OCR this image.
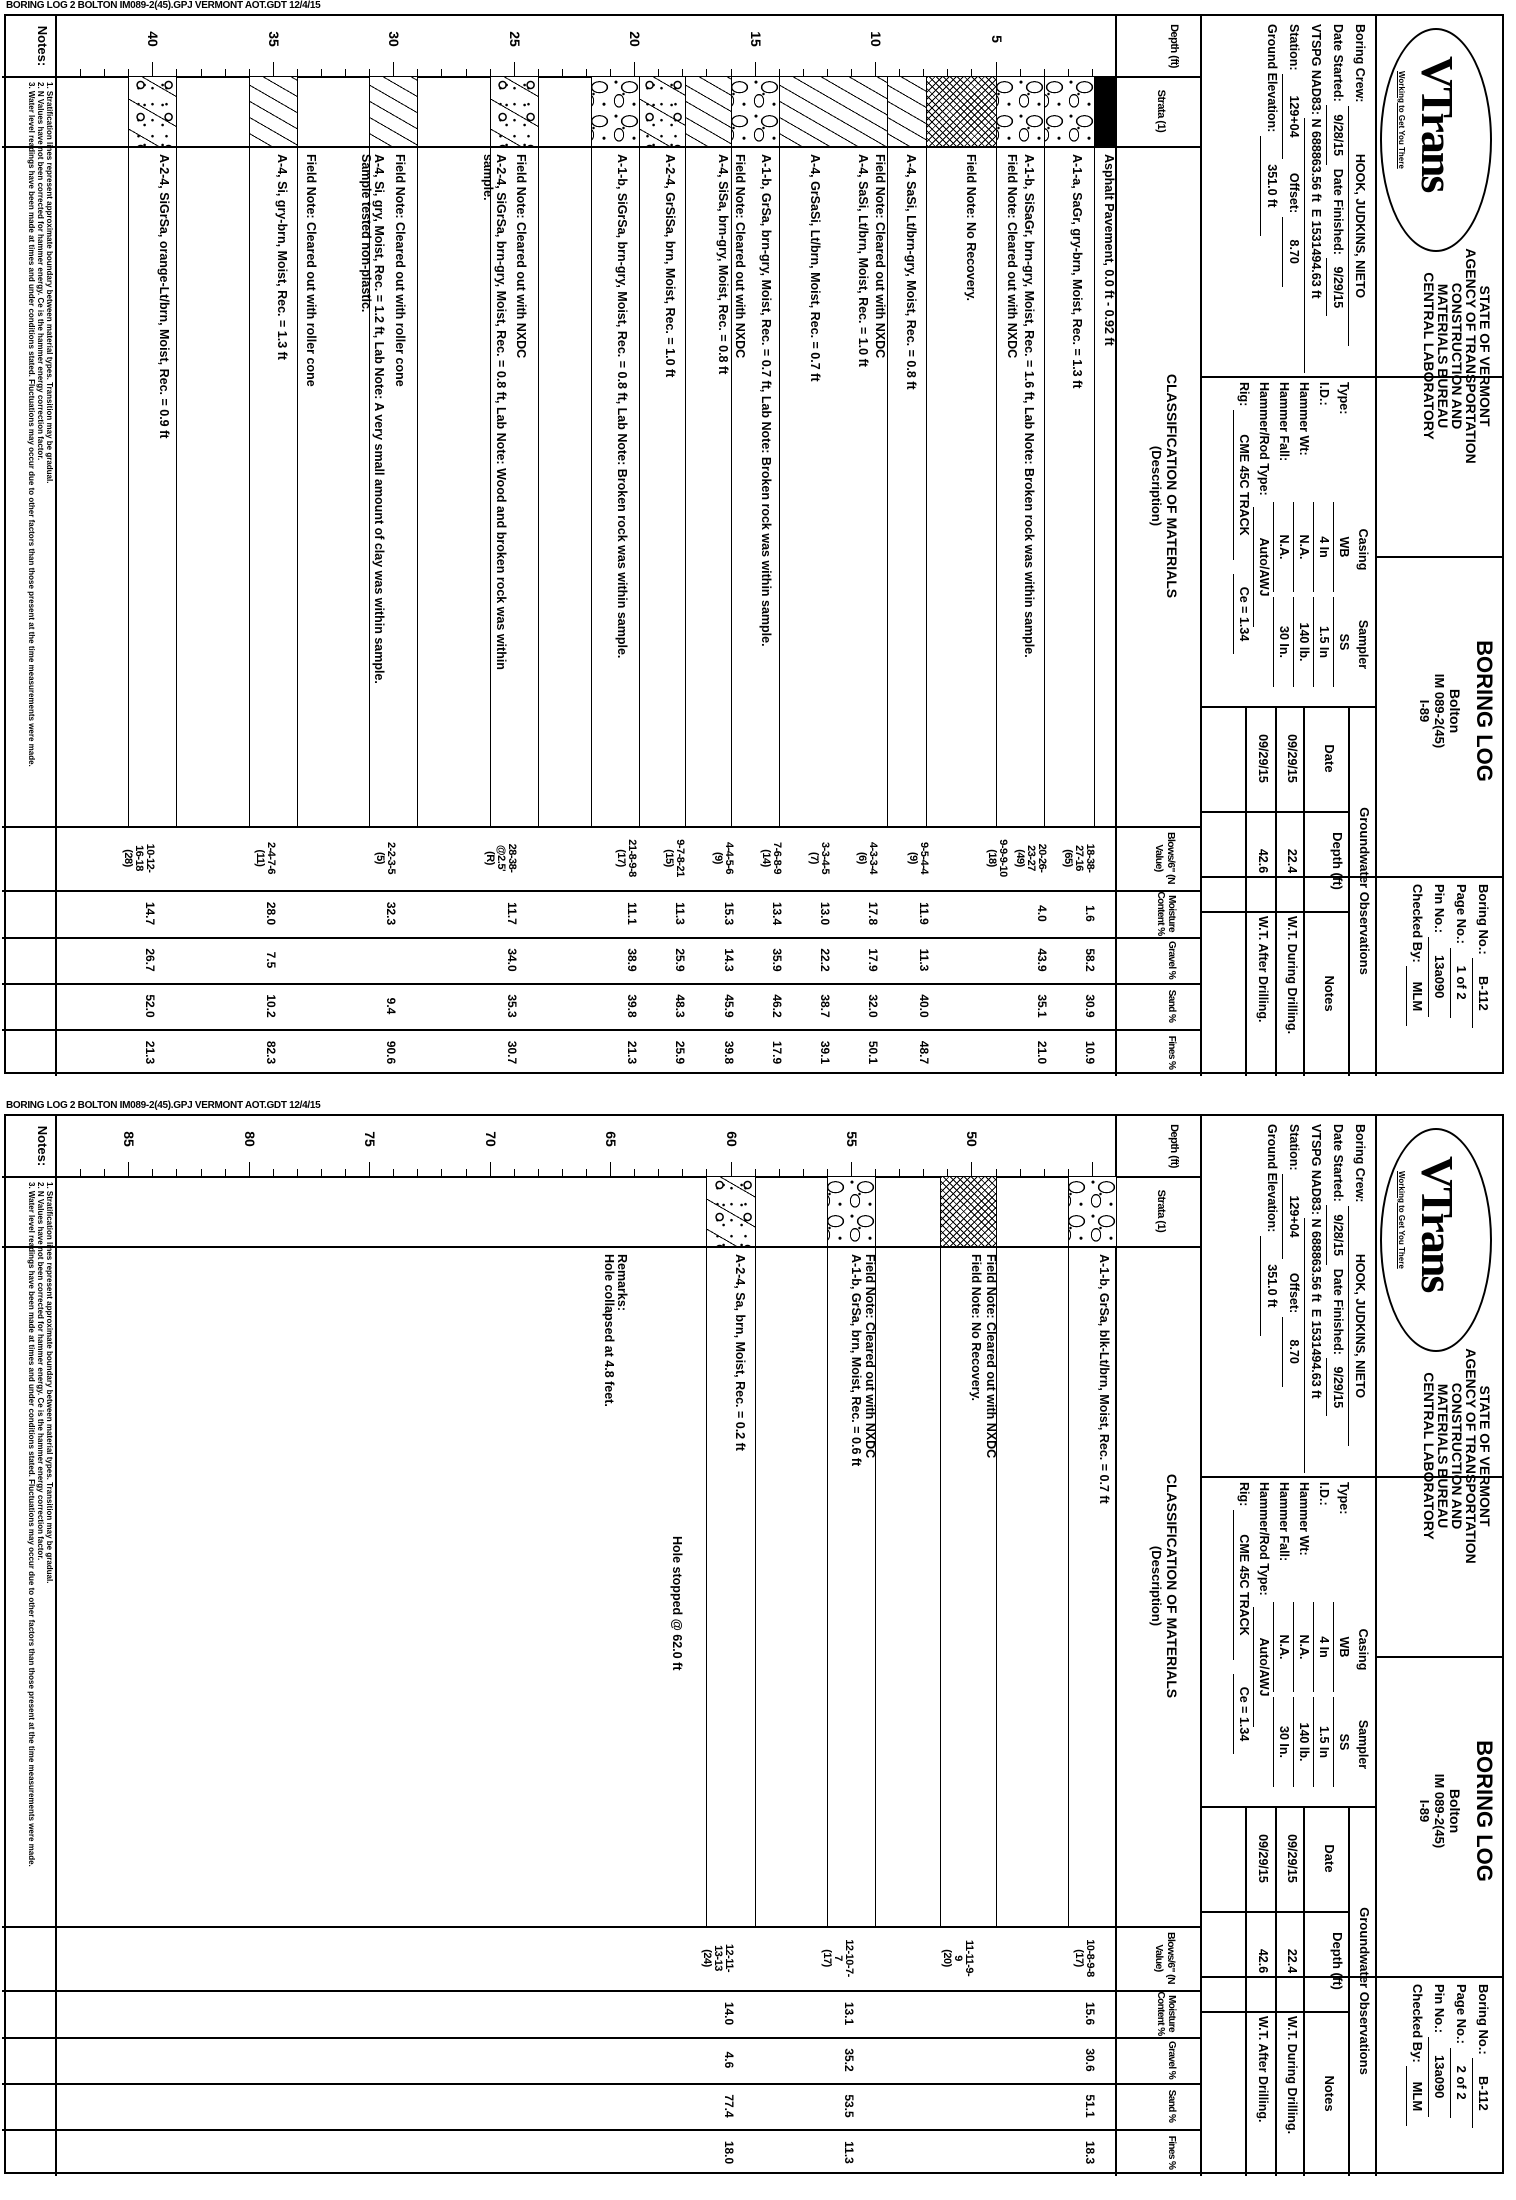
BORING LOG 2 BOLTON IM089-2(45).GPJ VERMONT AOT.GDT 12/4/15
VTrans
Working to Get You There
STATE OF VERMONT
AGENCY OF TRANSPORTATION
CONSTRUCTION AND
MATERIALS BUREAU
CENTRAL LABORATORY
BORING LOG
Bolton
IM 089-2(45)
I-89
Boring No.: B-112
Page No.: 1 of 2
Pin No.: 13a090
Checked By: MLM
Boring Crew: HOOK, JUDKINS, NIETO
Date Started: 9/28/15 Date Finished: 9/29/15
VTSPG NAD83: N 688863.56 ft  E 1531494.63 ft
Station: 129+04    Offset: 8.70
Ground Elevation: 351.0 ft
Casing
Sampler
Type:
WB
SS
I.D.:
4 In
1.5 In
Hammer Wt:
N.A.
140 lb.
Hammer Fall:
N.A.
30 In.
Hammer/Rod Type:
Auto/AWJ
Rig:
CME 45C TRACK
Ce = 1.34
Groundwater Observations
Date
Depth (ft)
Notes
09/29/15
22.4
W.T. During Drilling.
09/29/15
42.6
W.T. After Drilling.
Depth (ft)
Strata (1)
CLASSIFICATION OF MATERIALS
(Description)
Blows/6" (N Value)
Moisture Content %
Gravel %
Sand %
Fines %
Notes:
1. Stratification lines represent approximate boundary between material types. Transition may be gradual.
2. N Values have not been corrected for hammer energy. Ce is the hammer energy correction factor.
3. Water level readings have been made at times and under conditions stated. Fluctuations may occur due to other factors than those present at the time measurements were made.
5
10
15
20
25
30
35
40
Asphalt Pavement, 0.0 ft - 0.92 ft
A-1-a, SaGr, gry-brn, Moist, Rec. = 1.3 ft
A-1-b, SiSaGr, brn-gry, Moist, Rec. = 1.6 ft, Lab Note: Broken rock was within sample.
Field Note: Cleared out with NXDC
Field Note: No Recovery.
A-4, SaSi, Lt/brn-gry, Moist, Rec. = 0.8 ft
Field Note: Cleared out with NXDC
A-4, SaSi, Lt/brn, Moist, Rec. = 1.0 ft
A-4, GrSaSi, Lt/brn, Moist, Rec. = 0.7 ft
A-1-b, GrSa, brn-gry, Moist, Rec. = 0.7 ft, Lab Note: Broken rock was within sample.
Field Note: Cleared out with NXDC
A-4, SiSa, brn-gry, Moist, Rec. = 0.8 ft
A-2-4, GrSiSa, brn, Moist, Rec. = 1.0 ft
A-1-b, SiGrSa, brn-gry, Moist, Rec. = 0.8 ft, Lab Note: Broken rock was within sample.
Field Note: Cleared out with NXDC
A-2-4, SiGrSa, brn-gry, Moist, Rec. = 0.8 ft, Lab Note: Wood and broken rock was within
sample.
Field Note: Cleared out with roller cone
A-4, Si, gry, Moist, Rec. = 1.2 ft, Lab Note: A very small amount of clay was within sample.
Sample tested non-plastic.
Field Note: Cleared out with roller cone
A-4, Si, gry-brn, Moist, Rec. = 1.3 ft
A-2-4, SiGrSa, orange-Lt/brn, Moist, Rec. = 0.9 ft
18-38-
27-16
(65)
1.6
58.2
30.9
10.9
20-26-
23-27
(49)
4.0
43.9
35.1
21.0
9-9-9-10
(18)
9-5-4-4
(9)
11.9
11.3
40.0
48.7
4-3-3-4
(6)
17.8
17.9
32.0
50.1
3-3-4-5
(7)
13.0
22.2
38.7
39.1
7-6-8-9
(14)
13.4
35.9
46.2
17.9
4-4-5-6
(9)
15.3
14.3
45.9
39.8
9-7-8-21
(15)
11.3
25.9
48.3
25.9
21-8-9-8
(17)
11.1
38.9
39.8
21.3
28-38-
@2.5'
(R)
11.7
34.0
35.3
30.7
2-2-3-5
(5)
32.3
9.4
90.6
2-4-7-6
(11)
28.0
7.5
10.2
82.3
10-12-
16-18
(28)
14.7
26.7
52.0
21.3
BORING LOG 2 BOLTON IM089-2(45).GPJ VERMONT AOT.GDT 12/4/15
VTrans
Working to Get You There
STATE OF VERMONT
AGENCY OF TRANSPORTATION
CONSTRUCTION AND
MATERIALS BUREAU
CENTRAL LABORATORY
BORING LOG
Bolton
IM 089-2(45)
I-89
Boring No.: B-112
Page No.: 2 of 2
Pin No.: 13a090
Checked By: MLM
Boring Crew: HOOK, JUDKINS, NIETO
Date Started: 9/28/15 Date Finished: 9/29/15
VTSPG NAD83: N 688863.56 ft  E 1531494.63 ft
Station: 129+04    Offset: 8.70
Ground Elevation: 351.0 ft
Casing
Sampler
Type:
WB
SS
I.D.:
4 In
1.5 In
Hammer Wt:
N.A.
140 lb.
Hammer Fall:
N.A.
30 In.
Hammer/Rod Type:
Auto/AWJ
Rig:
CME 45C TRACK
Ce = 1.34
Groundwater Observations
Date
Depth (ft)
Notes
09/29/15
22.4
W.T. During Drilling.
09/29/15
42.6
W.T. After Drilling.
Depth (ft)
Strata (1)
CLASSIFICATION OF MATERIALS
(Description)
Blows/6" (N Value)
Moisture Content %
Gravel %
Sand %
Fines %
Notes:
1. Stratification lines represent approximate boundary between material types. Transition may be gradual.
2. N Values have not been corrected for hammer energy. Ce is the hammer energy correction factor.
3. Water level readings have been made at times and under conditions stated. Fluctuations may occur due to other factors than those present at the time measurements were made.
50
55
60
65
70
75
80
85
A-1-b, GrSa, blk-Lt/brn, Moist, Rec. = 0.7 ft
Field Note: Cleared out with NXDC
Field Note: No Recovery.
Field Note: Cleared out with NXDC
A-1-b, GrSa, brn, Moist, Rec. = 0.6 ft
A-2-4, Sa, brn, Moist, Rec. = 0.2 ft
Hole stopped @ 62.0 ft
Remarks:
Hole collapsed at 4.8 feet.
10-8-9-8
(17)
15.6
30.6
51.1
18.3
11-11-9-
9
(20)
12-10-7-
7
(17)
13.1
35.2
53.5
11.3
12-11-
13-13
(24)
14.0
4.6
77.4
18.0
